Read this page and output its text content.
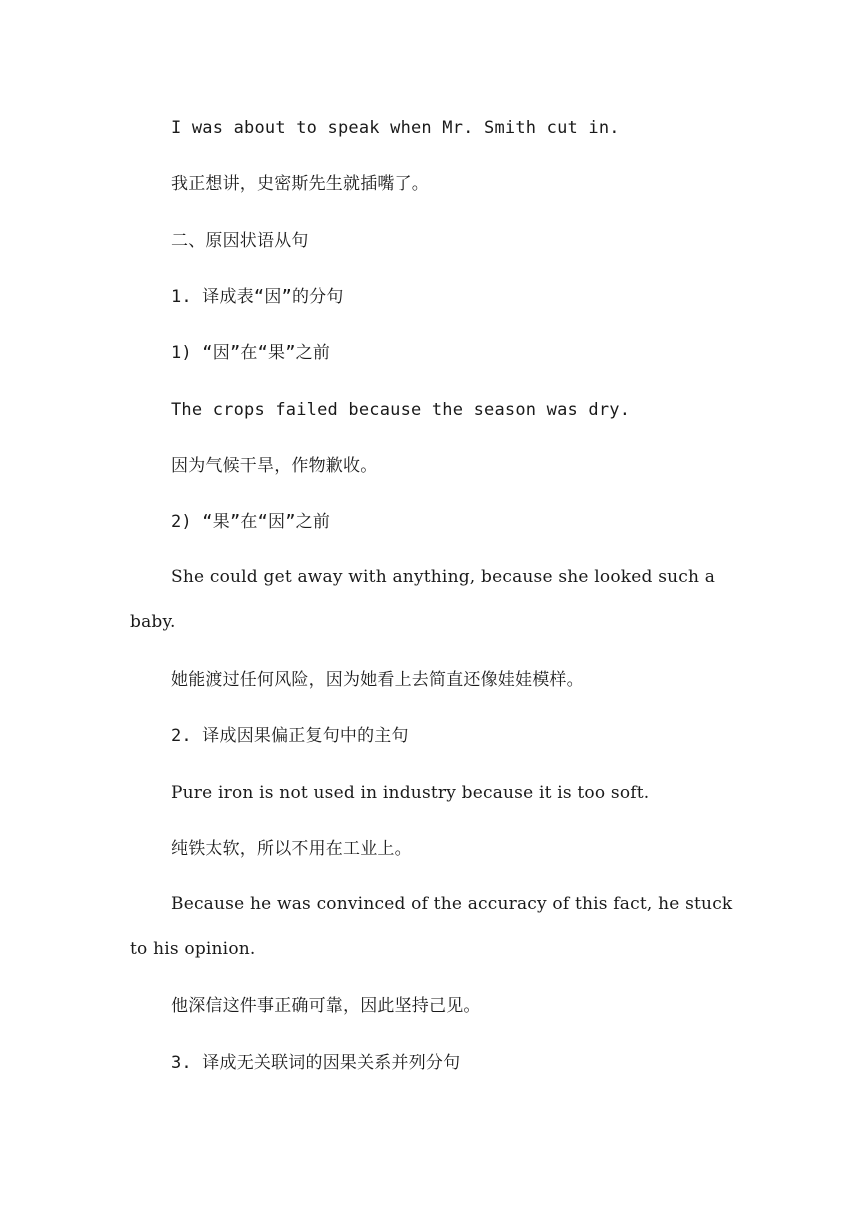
I was about to speak when Mr. Smith cut in.
我正想讲，史密斯先生就插嘴了。
二、原因状语从句
1. 译成表“因”的分句
1) “因”在“果”之前
The crops failed because the season was dry.
因为气候干旱，作物歉收。
2) “果”在“因”之前
She could get away with anything, because she looked such a baby.
她能渡过任何风险，因为她看上去简直还像娃娃模样。
2. 译成因果偏正复句中的主句
Pure iron is not used in industry because it is too soft.
纯铁太软，所以不用在工业上。
Because he was convinced of the accuracy of this fact, he stuck to his opinion.
他深信这件事正确可靠，因此坚持己见。
3. 译成无关联词的因果关系并列分句
